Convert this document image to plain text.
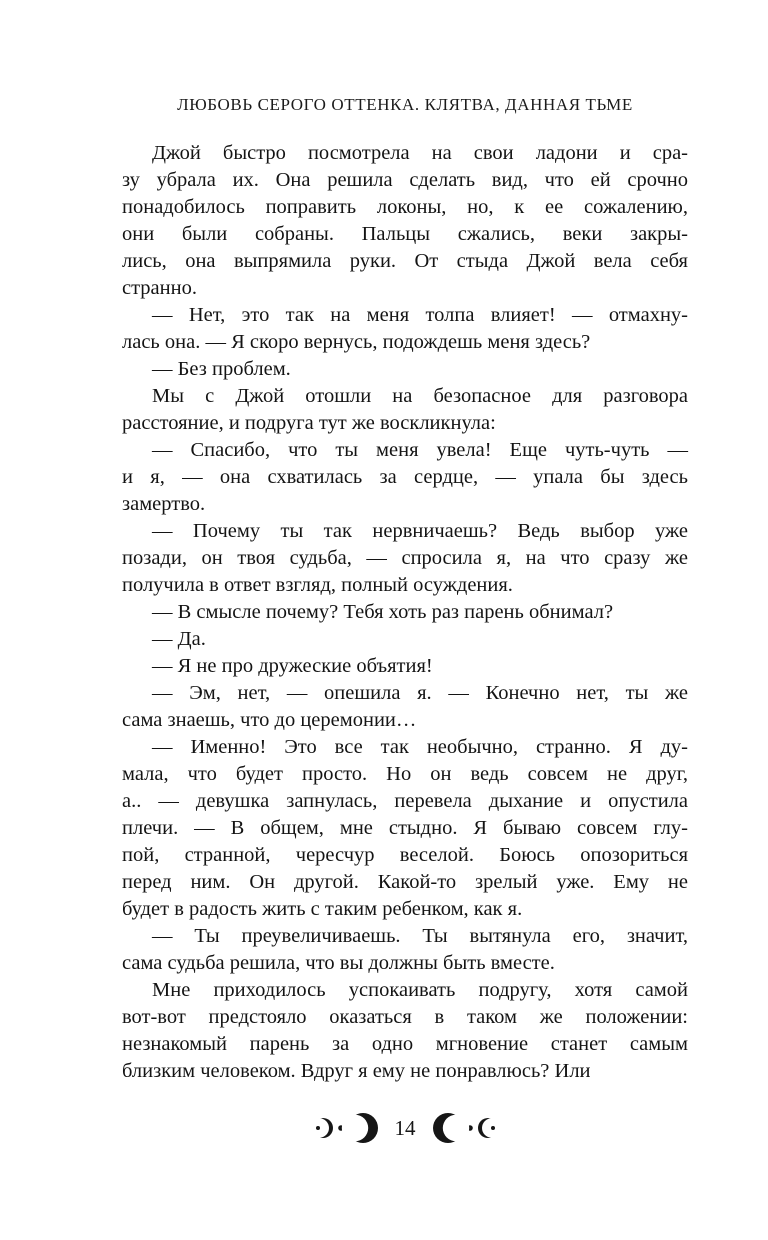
ЛЮБОВЬ СЕРОГО ОТТЕНКА. КЛЯТВА, ДАННАЯ ТЬМЕ
Джой быстро посмотрела на свои ладони и сра-
зу убрала их. Она решила сделать вид, что ей срочно
понадобилось поправить локоны, но, к ее сожалению,
они были собраны. Пальцы сжались, веки закры-
лись, она выпрямила руки. От стыда Джой вела себя
странно.
— Нет, это так на меня толпа влияет! — отмахну-
лась она. — Я скоро вернусь, подождешь меня здесь?
— Без проблем.
Мы с Джой отошли на безопасное для разговора
расстояние, и подруга тут же воскликнула:
— Спасибо, что ты меня увела! Еще чуть-чуть —
и я, — она схватилась за сердце, — упала бы здесь
замертво.
— Почему ты так нервничаешь? Ведь выбор уже
позади, он твоя судьба, — спросила я, на что сразу же
получила в ответ взгляд, полный осуждения.
— В смысле почему? Тебя хоть раз парень обнимал?
— Да.
— Я не про дружеские объятия!
— Эм, нет, — опешила я. — Конечно нет, ты же
сама знаешь, что до церемонии…
— Именно! Это все так необычно, странно. Я ду-
мала, что будет просто. Но он ведь совсем не друг,
а.. — девушка запнулась, перевела дыхание и опустила
плечи. — В общем, мне стыдно. Я бываю совсем глу-
пой, странной, чересчур веселой. Боюсь опозориться
перед ним. Он другой. Какой-то зрелый уже. Ему не
будет в радость жить с таким ребенком, как я.
— Ты преувеличиваешь. Ты вытянула его, значит,
сама судьба решила, что вы должны быть вместе.
Мне приходилось успокаивать подругу, хотя самой
вот-вот предстояло оказаться в таком же положении:
незнакомый парень за одно мгновение станет самым
близким человеком. Вдруг я ему не понравлюсь? Или
14
